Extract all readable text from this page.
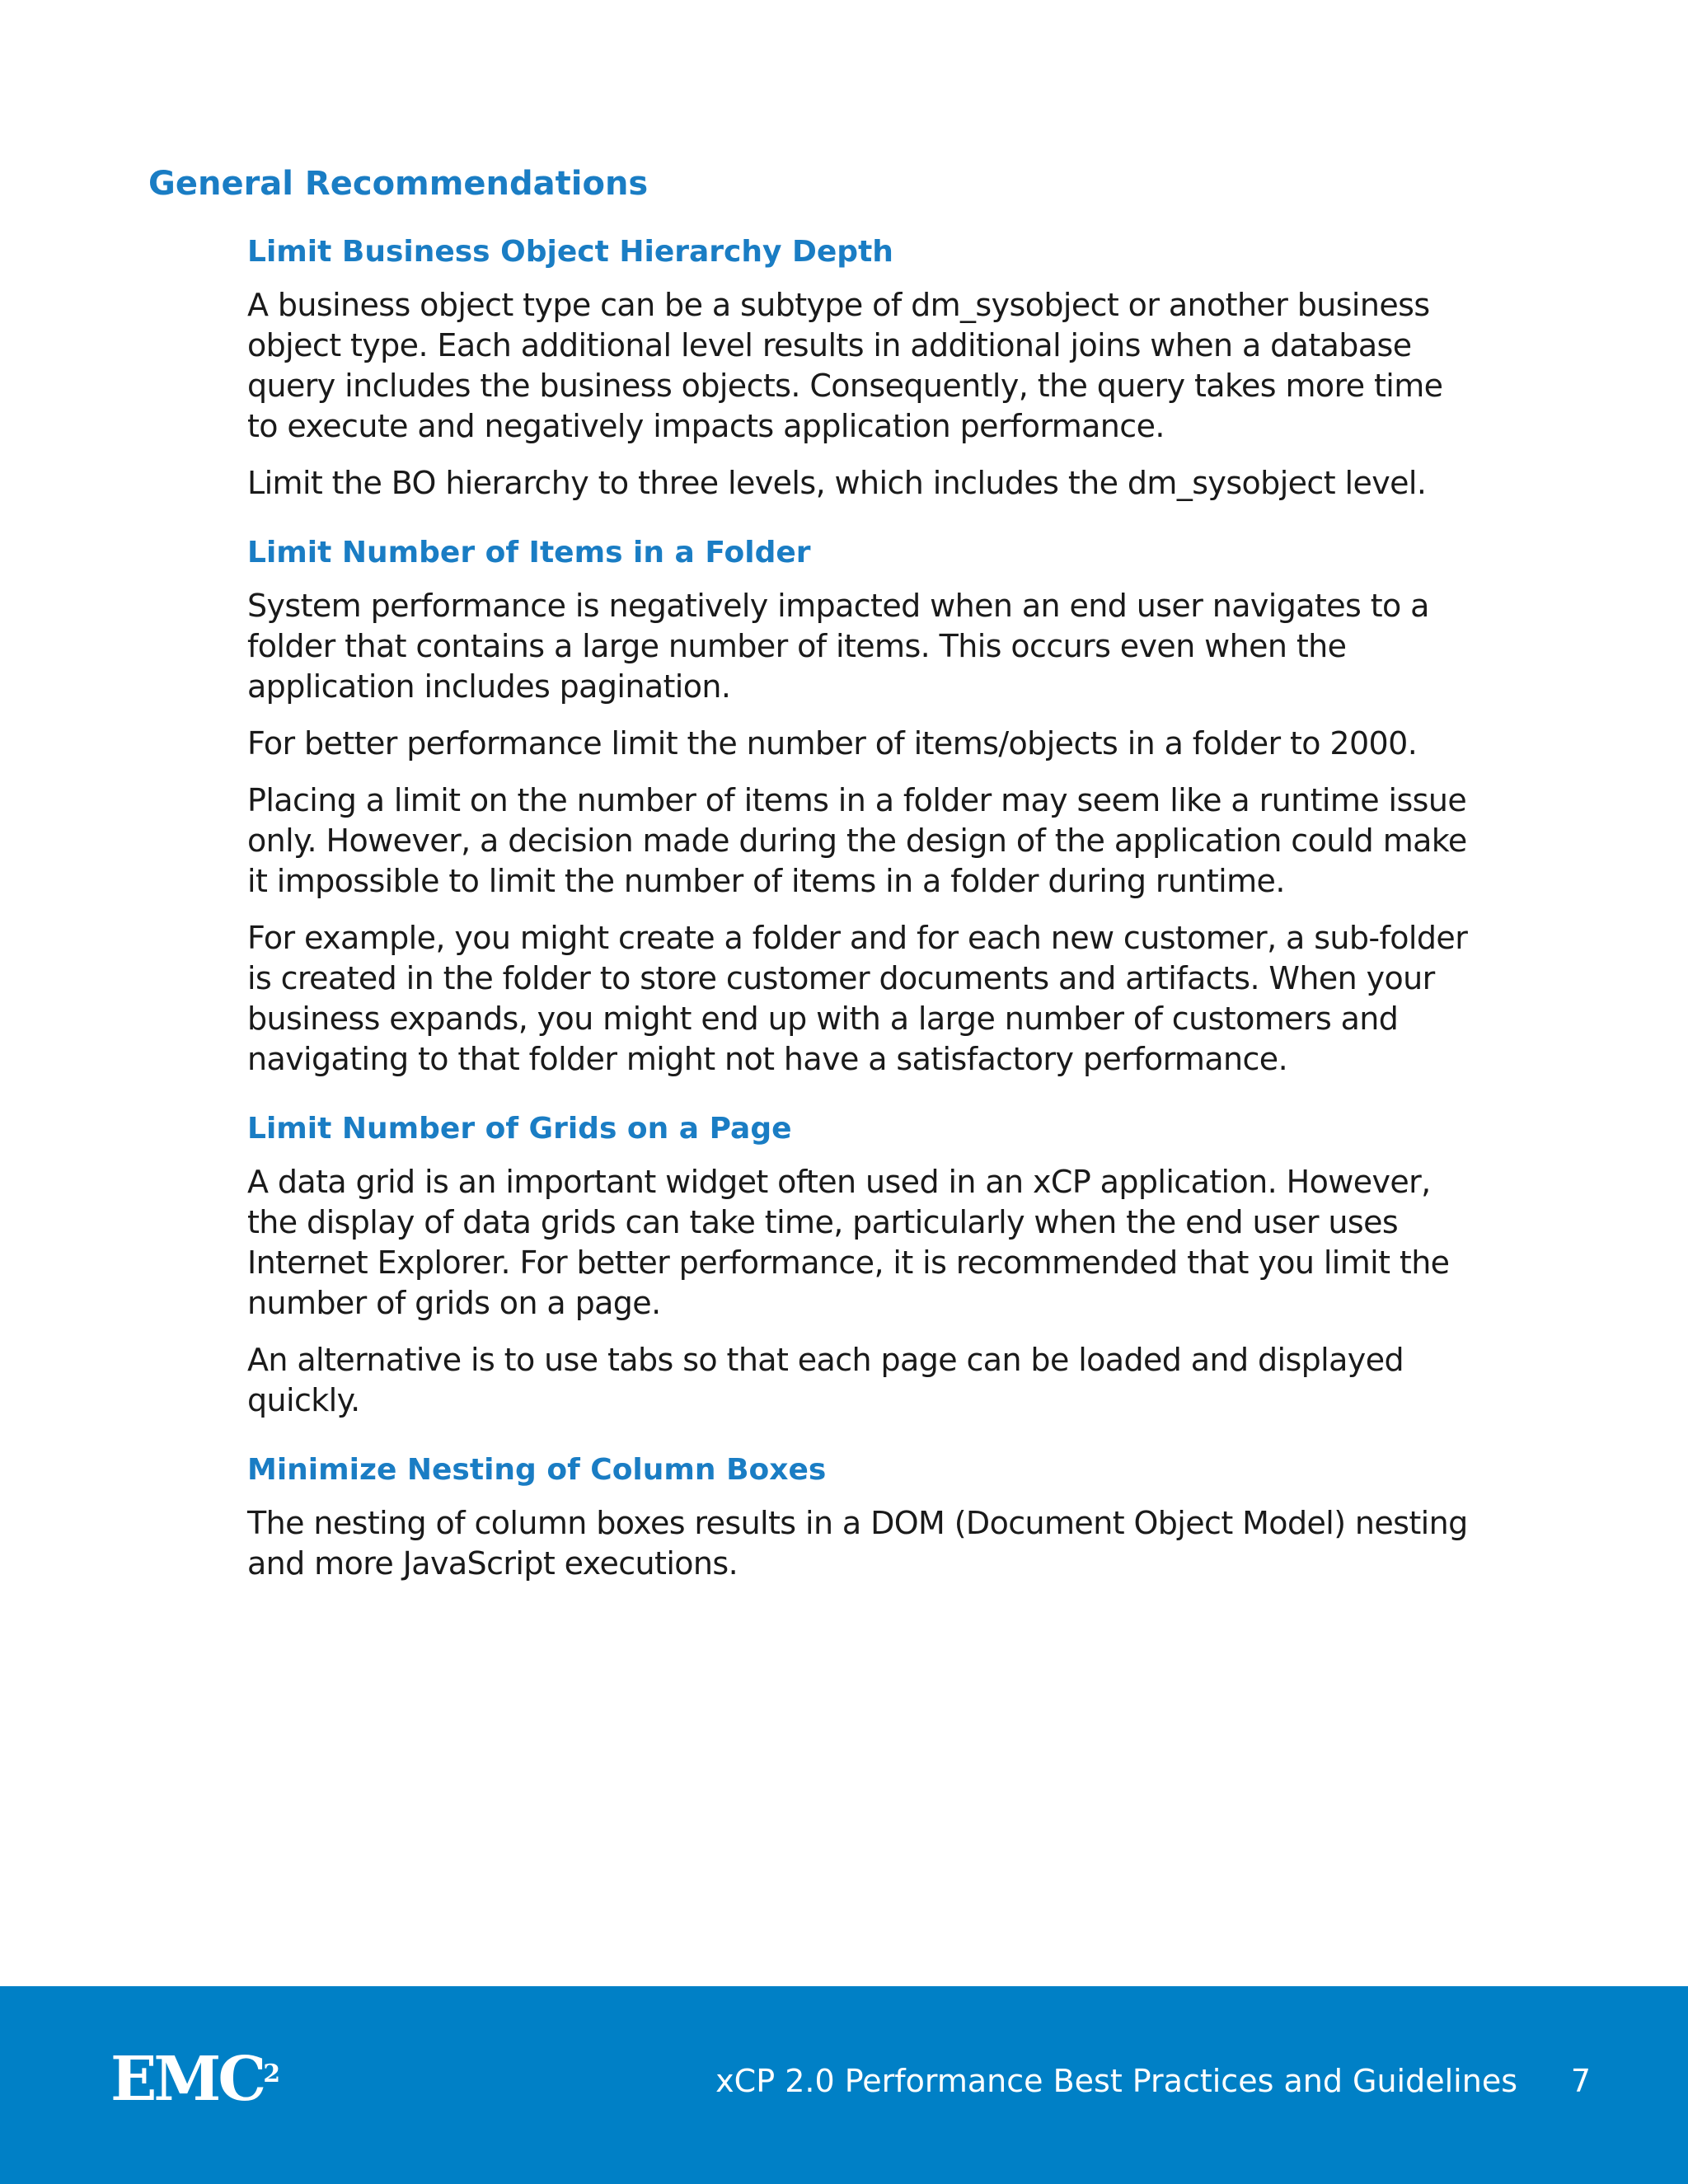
General Recommendations
Limit Business Object Hierarchy Depth

A business object type can be a subtype of dm_sysobject or another business object type. Each additional level results in additional joins when a database query includes the business objects. Consequently, the query takes more time to execute and negatively impacts application performance.

Limit the BO hierarchy to three levels, which includes the dm_sysobject level.

Limit Number of Items in a Folder

System performance is negatively impacted when an end user navigates to a folder that contains a large number of items. This occurs even when the application includes pagination.

For better performance limit the number of items/objects in a folder to 2000.

Placing a limit on the number of items in a folder may seem like a runtime issue only. However, a decision made during the design of the application could make it impossible to limit the number of items in a folder during runtime.

For example, you might create a folder and for each new customer, a sub-folder is created in the folder to store customer documents and artifacts. When your business expands, you might end up with a large number of customers and navigating to that folder might not have a satisfactory performance.

Limit Number of Grids on a Page

A data grid is an important widget often used in an xCP application. However, the display of data grids can take time, particularly when the end user uses Internet Explorer. For better performance, it is recommended that you limit the number of grids on a page.

An alternative is to use tabs so that each page can be loaded and displayed quickly.

Minimize Nesting of Column Boxes

The nesting of column boxes results in a DOM (Document Object Model) nesting and more JavaScript executions.

EMC$^2$	xCP 2.0 Performance Best Practices and Guidelines 7
